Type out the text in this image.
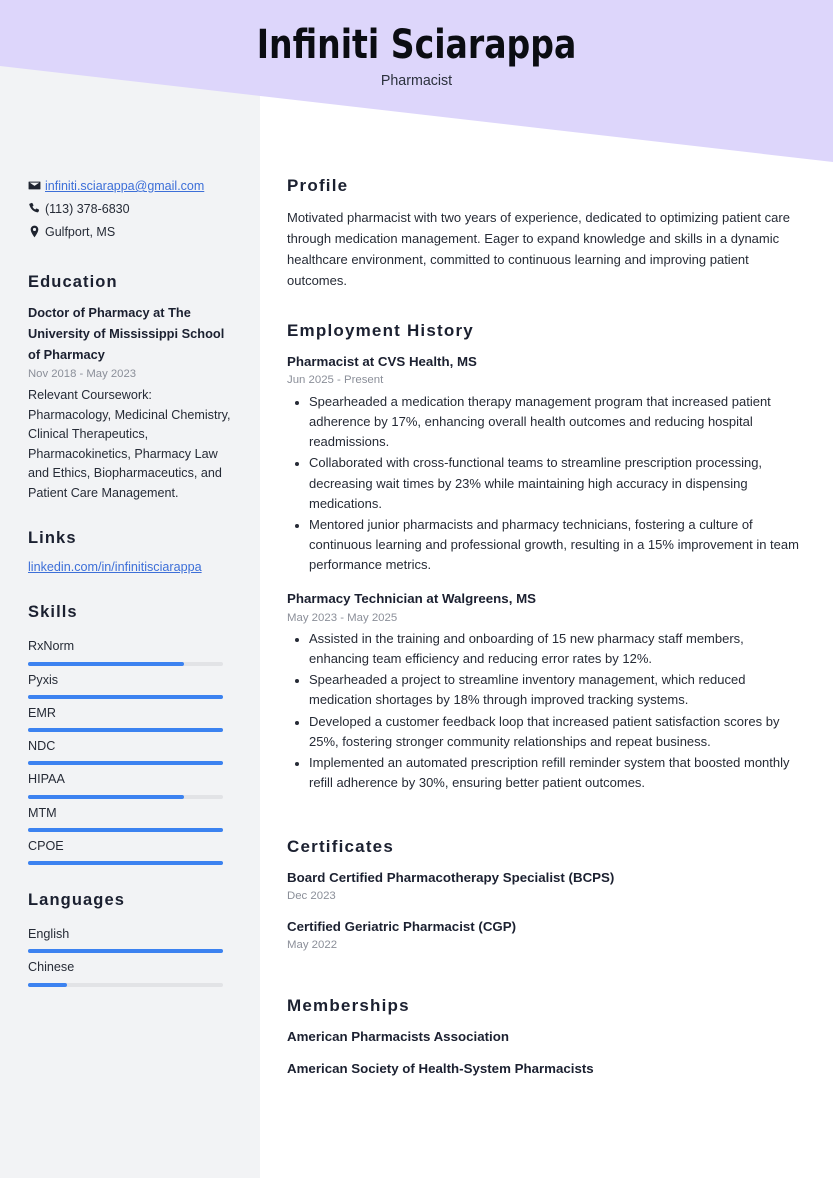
Infiniti Sciarappa

Pharmacist

infiniti.sciarappa@gmail.com
(113) 378-6830
Gulfport, MS
Education

Doctor of Pharmacy at The University of Mississippi School of Pharmacy

Nov 2018 - May 2023

Relevant Coursework: Pharmacology, Medicinal Chemistry, Clinical Therapeutics, Pharmacokinetics, Pharmacy Law and Ethics, Biopharmaceutics, and Patient Care Management.

Links
linkedin.com/in/infinitisciarappa
Skills
RxNorm
Pyxis
EMR
NDC
HIPAA
MTM
CPOE
Languages
English
Chinese
Profile

Motivated pharmacist with two years of experience, dedicated to optimizing patient care through medication management. Eager to expand knowledge and skills in a dynamic healthcare environment, committed to continuous learning and improving patient outcomes.

Employment History

Pharmacist at CVS Health, MS

Jun 2025 - Present

• Spearheaded a medication therapy management program that increased patient adherence by 17%, enhancing overall health outcomes and reducing hospital readmissions.
• Collaborated with cross-functional teams to streamline prescription processing, decreasing wait times by 23% while maintaining high accuracy in dispensing medications.
• Mentored junior pharmacists and pharmacy technicians, fostering a culture of continuous learning and professional growth, resulting in a 15% improvement in team performance metrics.

Pharmacy Technician at Walgreens, MS

May 2023 - May 2025

• Assisted in the training and onboarding of 15 new pharmacy staff members, enhancing team efficiency and reducing error rates by 12%.
• Spearheaded a project to streamline inventory management, which reduced medication shortages by 18% through improved tracking systems.
• Developed a customer feedback loop that increased patient satisfaction scores by 25%, fostering stronger community relationships and repeat business.
• Implemented an automated prescription refill reminder system that boosted monthly refill adherence by 30%, ensuring better patient outcomes.
Certificates

Board Certified Pharmacotherapy Specialist (BCPS)

Dec 2023

Certified Geriatric Pharmacist (CGP)

May 2022

Memberships

American Pharmacists Association

American Society of Health-System Pharmacists
